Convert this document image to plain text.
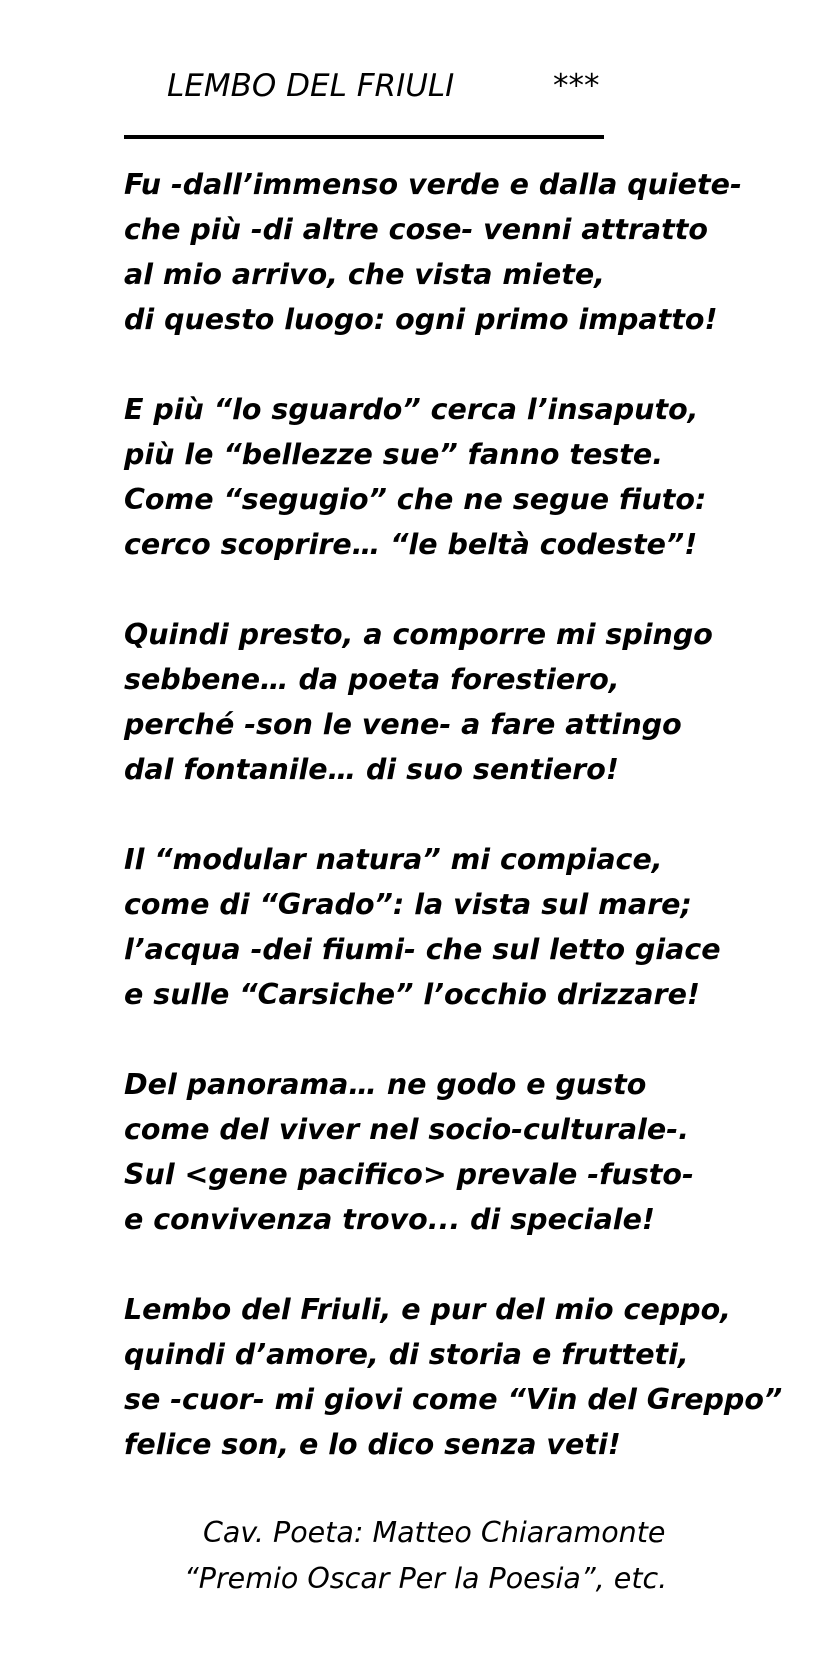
LEMBO DEL FRIULI	***
Fu -dall’immenso verde e dalla quiete-
che più -di altre cose- venni attratto
al mio arrivo, che vista miete,
di questo luogo: ogni primo impatto!
E più “lo sguardo” cerca l’insaputo,
più le “bellezze sue” fanno teste.
Come “segugio” che ne segue fiuto:
cerco scoprire… “le beltà codeste”!
Quindi presto, a comporre mi spingo
sebbene… da poeta forestiero,
perché -son le vene- a fare attingo
dal fontanile… di suo sentiero!
Il “modular natura” mi compiace,
come di “Grado”: la vista sul mare;
l’acqua -dei fiumi- che sul letto giace
e sulle “Carsiche” l’occhio drizzare!
Del panorama… ne godo e gusto
come del viver nel socio-culturale-.
Sul <gene pacifico> prevale -fusto-
e convivenza trovo... di speciale!
Lembo del Friuli, e pur del mio ceppo,
quindi d’amore, di storia e frutteti,
se -cuor- mi giovi come “Vin del Greppo”
felice son, e lo dico senza veti!
Cav. Poeta: Matteo Chiaramonte
“Premio Oscar Per la Poesia”, etc.
